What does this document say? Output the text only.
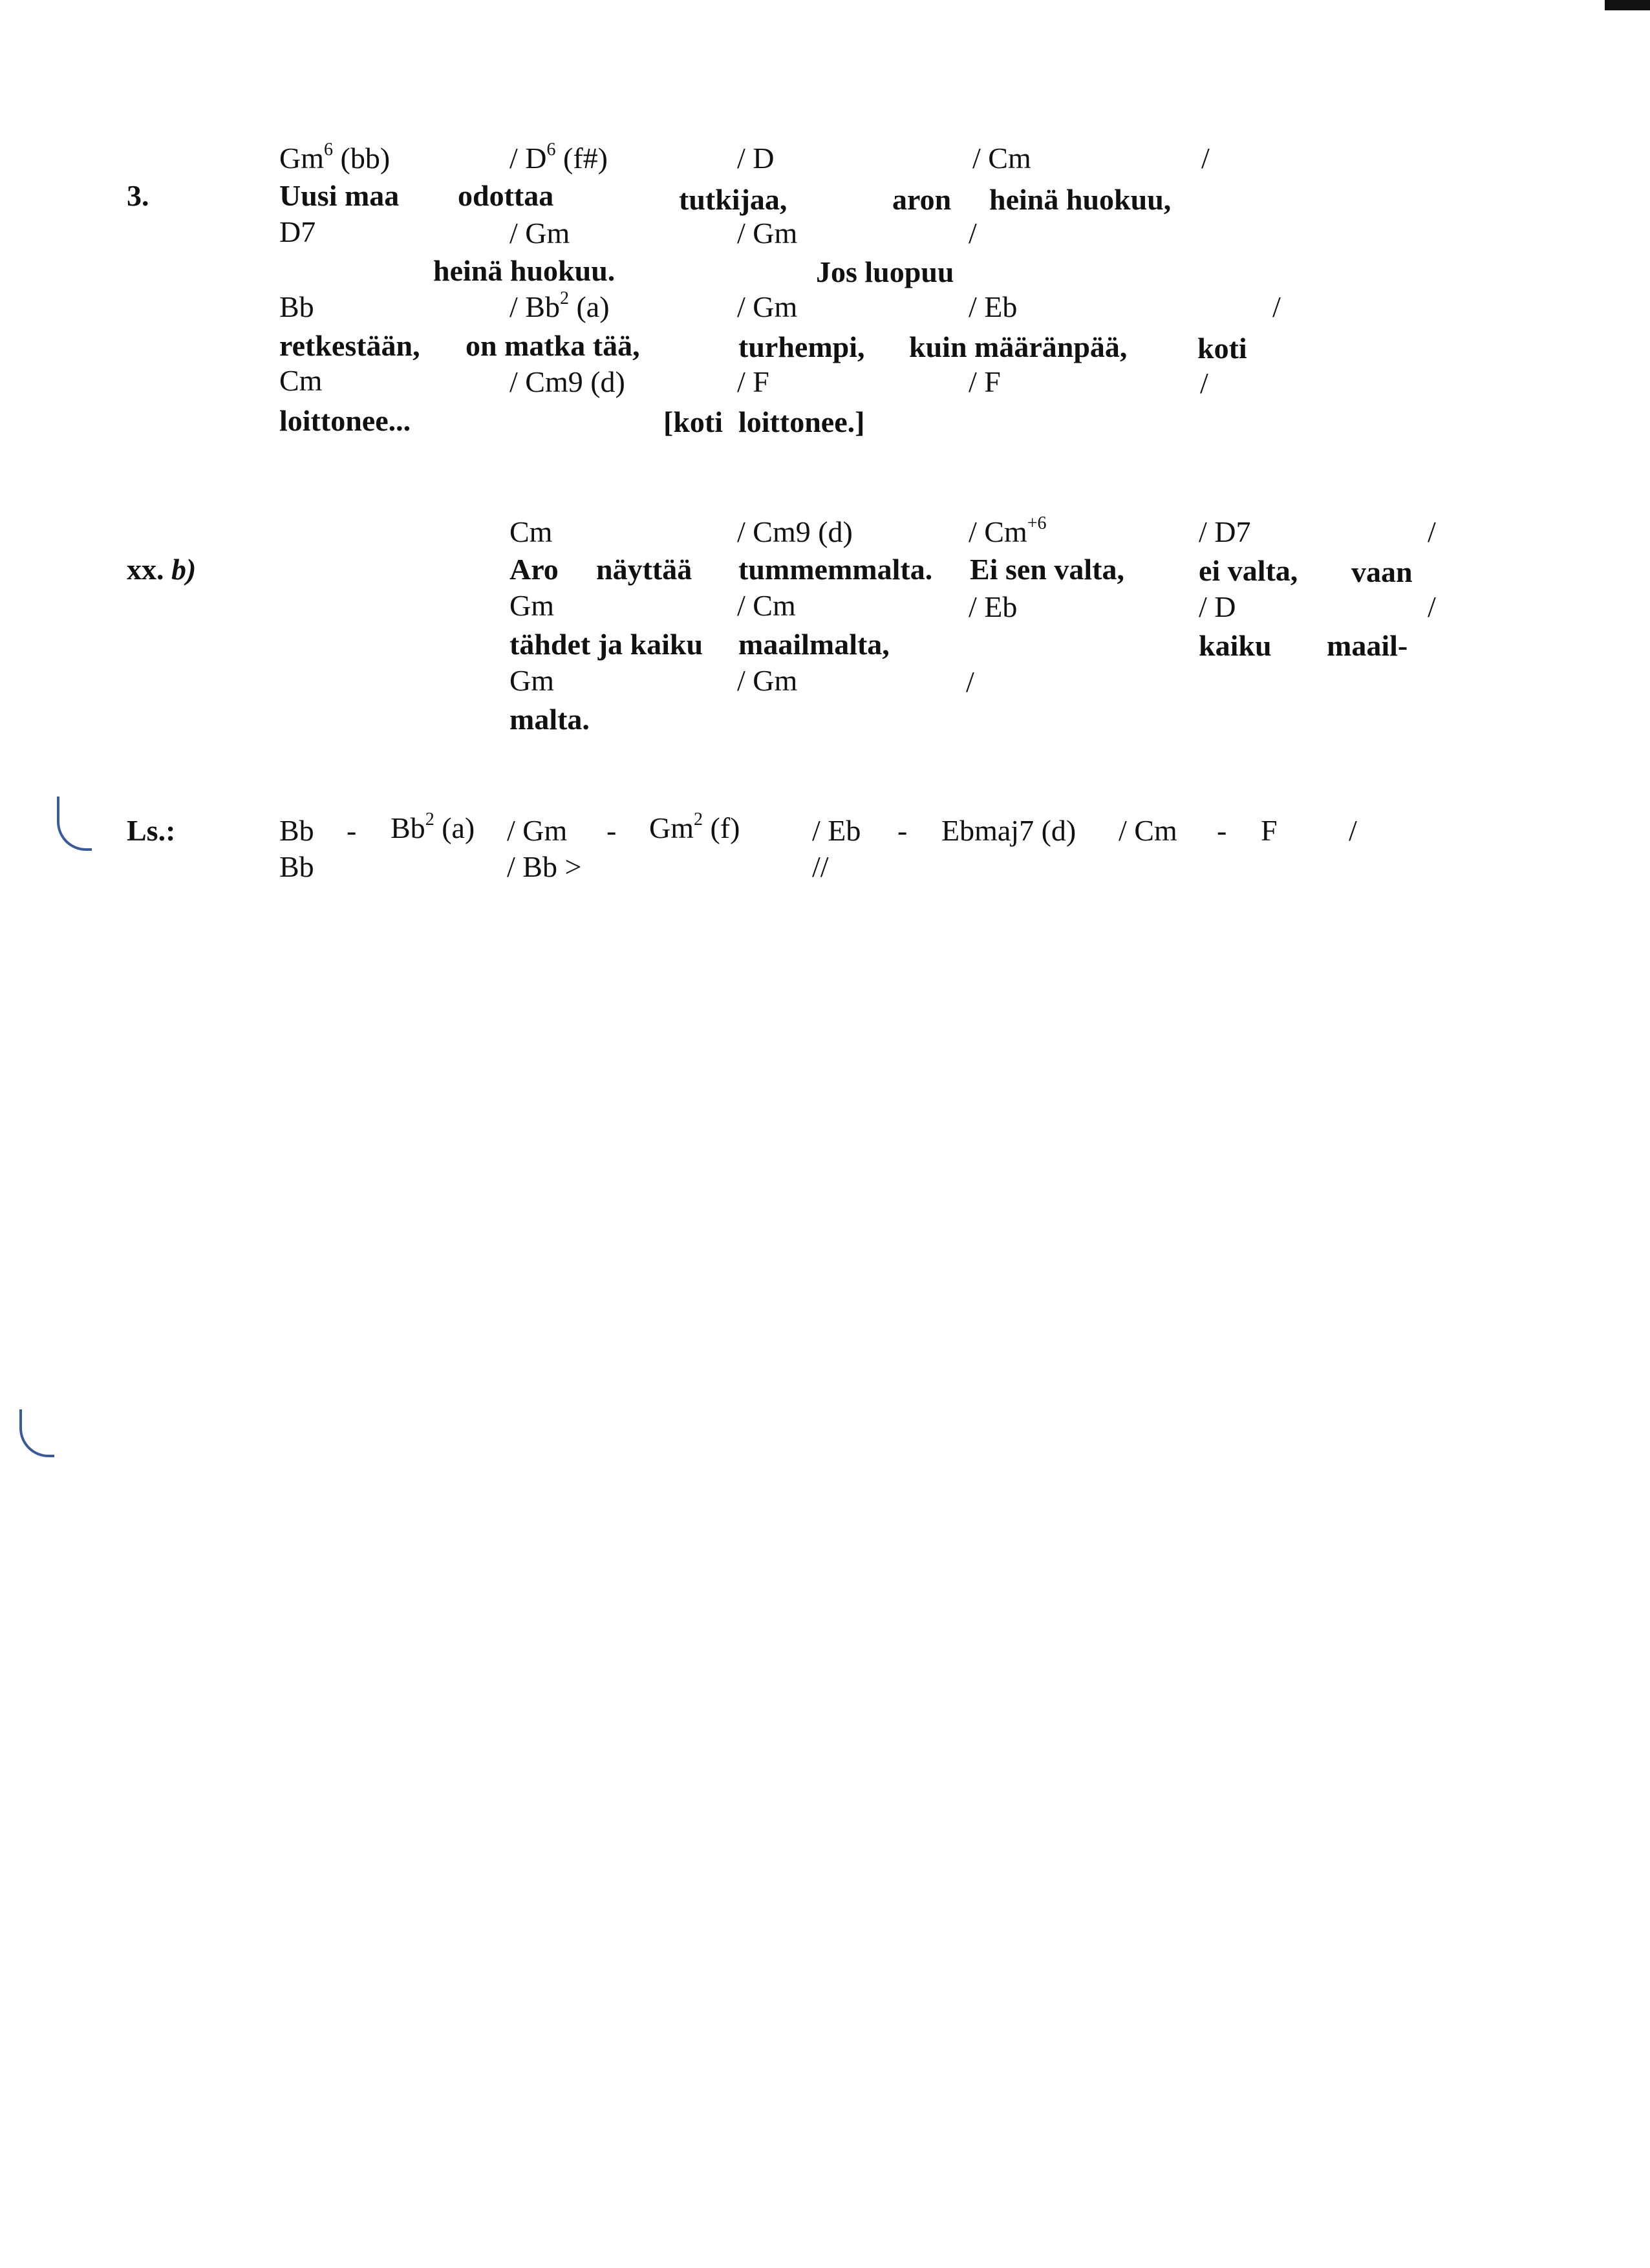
3.
Gm$^6$ (bb)	/ $D^6$ (f#)	/ D	/ Cm	/
Uusi maa odottaa	tutkijaa,	aron heinä huokuu,
D7	/ Gm	/ Gm	/
heinä huokuu.	Jos luopuu
Bb	/ Bb$^2$ (a)	/ Gm	/ Eb	/
retkestään, on matka tää,	turhempi, kuin määränpää, koti
Cm	/ Cm9 (d)	/ F	/ F	/
loittonee...	[koti loittonee.]
xx. b)
Cm	/ Cm9 (d)	/ $Cm^{+6}$	/ D7	/
Aro näyttää tummemmalta. Ei sen valta,	ei valta, vaan
Gm	/ Cm	/ Eb	/ D	/
tähdet ja kaiku maailmalta,	kaiku maail-
Gm	/ Gm	/
malta.
Ls.:	Bb - Bb$^2$ (a) / Gm - Gm$^2$ (f) / Eb - Ebmaj7 (d) / Cm - F /
Bb	/ Bb >	//
